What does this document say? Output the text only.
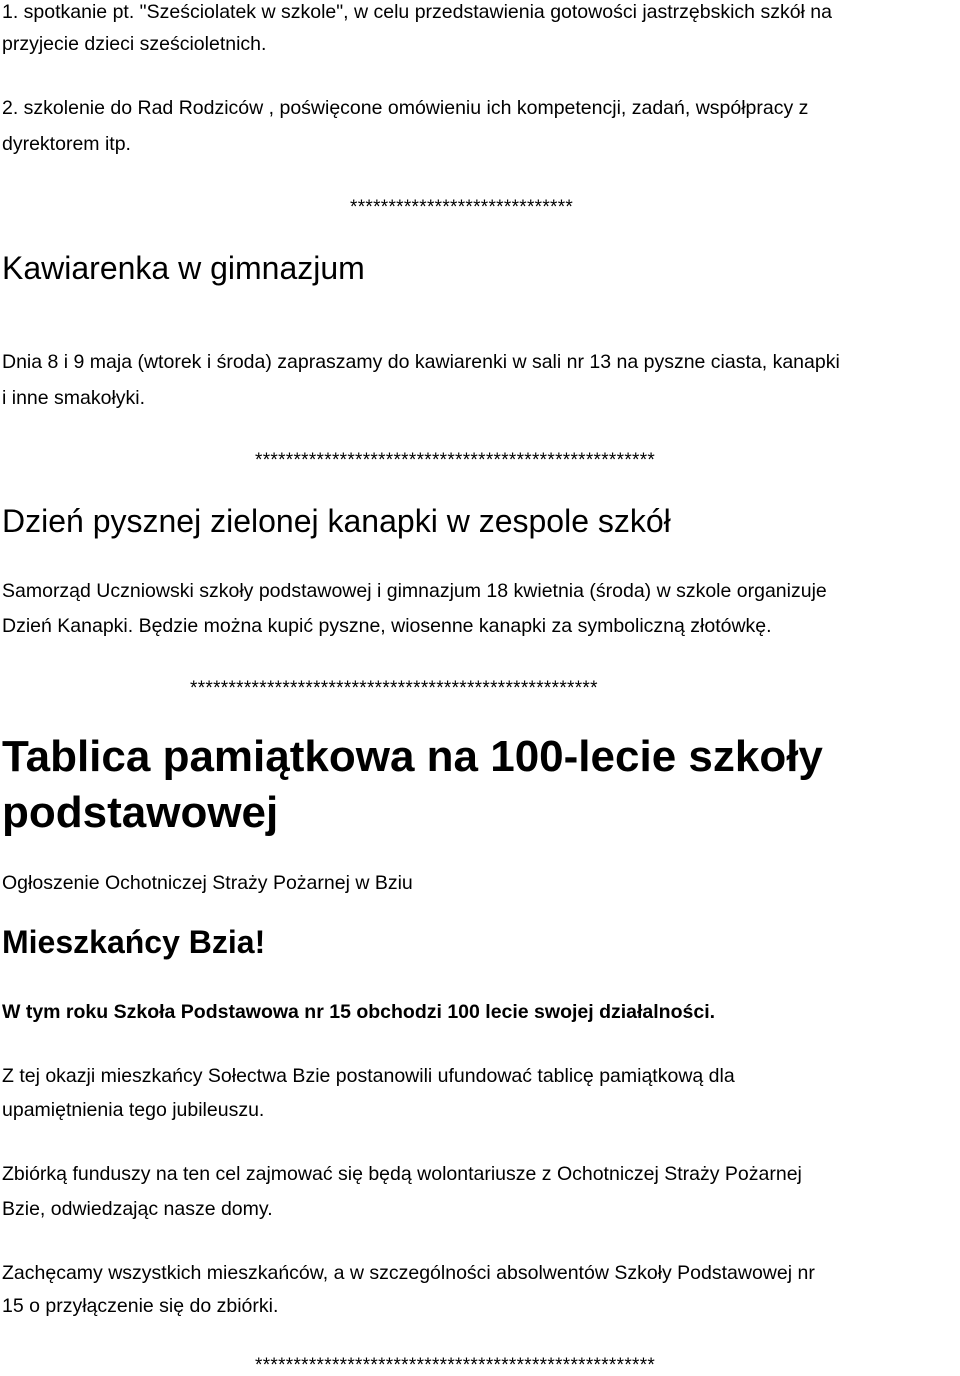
1. spotkanie pt. "Sześciolatek w szkole", w celu przedstawienia gotowości jastrzębskich szkół na

przyjecie dzieci sześcioletnich.

2. szkolenie do Rad Rodziców , poświęcone omówieniu ich kompetencji, zadań, współpracy z

dyrektorem itp.

*****************************

Kawiarenka w gimnazjum

Dnia 8 i 9 maja (wtorek i środa) zapraszamy do kawiarenki w sali nr 13 na pyszne ciasta, kanapki

i inne smakołyki.

****************************************************

Dzień pysznej zielonej kanapki w zespole szkół

Samorząd Uczniowski szkoły podstawowej i gimnazjum 18 kwietnia (środa) w szkole organizuje

Dzień Kanapki. Będzie można kupić pyszne, wiosenne kanapki za symboliczną złotówkę.

*****************************************************

Tablica pamiątkowa na 100-lecie szkoły podstawowej

Ogłoszenie Ochotniczej Straży Pożarnej w Bziu

Mieszkańcy Bzia!

W tym roku Szkoła Podstawowa nr 15 obchodzi 100 lecie swojej działalności.

Z tej okazji mieszkańcy Sołectwa Bzie postanowili ufundować tablicę pamiątkową dla

upamiętnienia tego jubileuszu.

Zbiórką funduszy na ten cel zajmować się będą wolontariusze z Ochotniczej Straży Pożarnej

Bzie, odwiedzając nasze domy.

Zachęcamy wszystkich mieszkańców, a w szczególności absolwentów Szkoły Podstawowej nr

15 o przyłączenie się do zbiórki.

****************************************************
